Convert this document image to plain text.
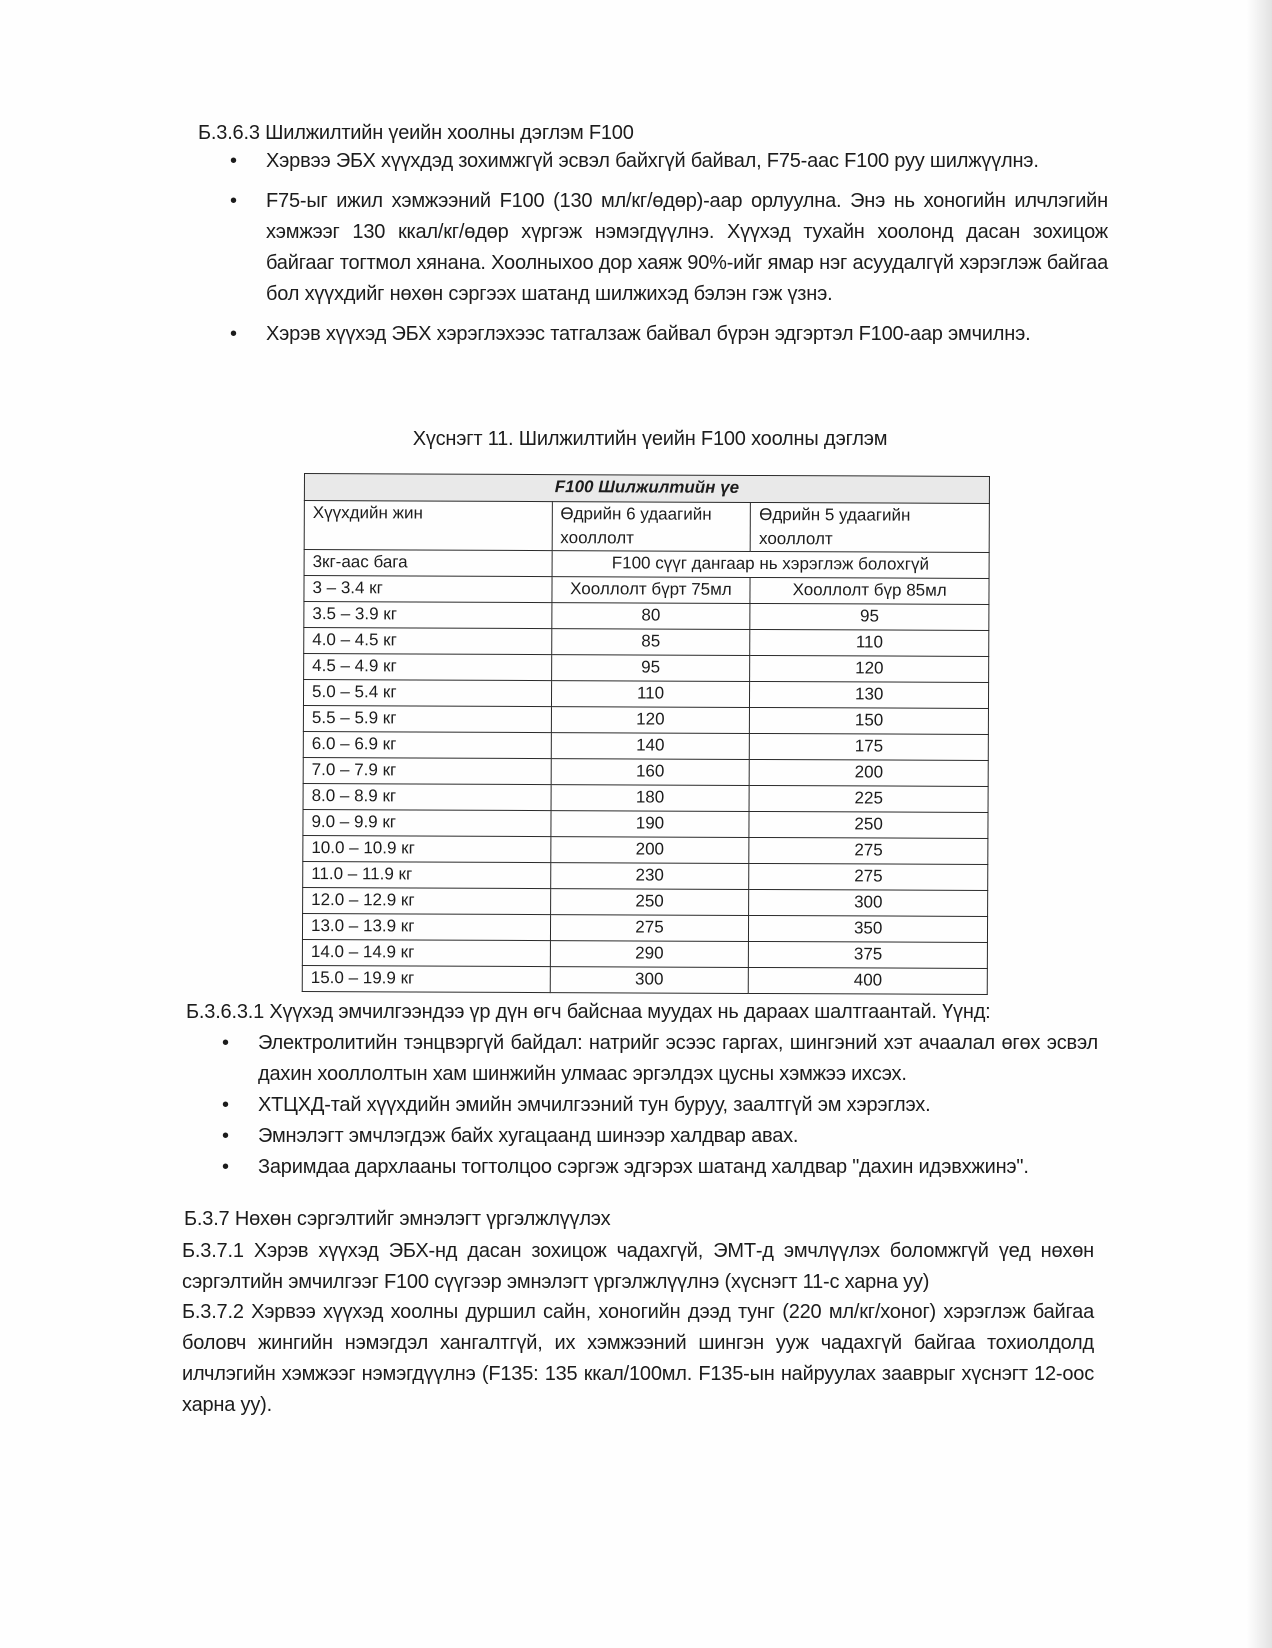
Б.3.6.3 Шилжилтийн үеийн хоолны дэглэм F100
• Хэрвээ ЭБХ хүүхдэд зохимжгүй эсвэл байхгүй байвал, F75-аас F100 руу шилжүүлнэ.
• F75-ыг ижил хэмжээний F100 (130 мл/кг/өдөр)-аар орлуулна. Энэ нь хоногийн илчлэгийн хэмжээг 130 ккал/кг/өдөр хүргэж нэмэгдүүлнэ. Хүүхэд тухайн хоолонд дасан зохицож байгааг тогтмол хянана. Хоолныхоо дор хаяж 90%-ийг ямар нэг асуудалгүй хэрэглэж байгаа бол хүүхдийг нөхөн сэргээх шатанд шилжихэд бэлэн гэж үзнэ.
• Хэрэв хүүхэд ЭБХ хэрэглэхээс татгалзаж байвал бүрэн эдгэртэл F100-аар эмчилнэ.
Хүснэгт 11. Шилжилтийн үеийн F100 хоолны дэглэм
F100 Шилжилтийн үе		
Хүүхдийн жин	Өдрийн 6 удаагийн хооллолт	Өдрийн 5 удаагийн хооллолт
3кг-аас бага	F100 сүүг дангаар нь хэрэглэж болохгүй	
3 – 3.4 кг	Хооллолт бүрт 75мл	Хооллолт бүр 85мл
3.5 – 3.9 кг	80	95
4.0 – 4.5 кг	85	110
4.5 – 4.9 кг	95	120
5.0 – 5.4 кг	110	130
5.5 – 5.9 кг	120	150
6.0 – 6.9 кг	140	175
7.0 – 7.9 кг	160	200
8.0 – 8.9 кг	180	225
9.0 – 9.9 кг	190	250
10.0 – 10.9 кг	200	275
11.0 – 11.9 кг	230	275
12.0 – 12.9 кг	250	300
13.0 – 13.9 кг	275	350
14.0 – 14.9 кг	290	375
15.0 – 19.9 кг	300	400
Б.3.6.3.1 Хүүхэд эмчилгээндээ үр дүн өгч байснаа муудах нь дараах шалтгаантай. Үүнд:
• Электролитийн тэнцвэргүй байдал: натрийг эсээс гаргах, шингэний хэт ачаалал өгөх эсвэл дахин хооллолтын хам шинжийн улмаас эргэлдэх цусны хэмжээ ихсэх.
• ХТЦХД-тай хүүхдийн эмийн эмчилгээний тун буруу, заалтгүй эм хэрэглэх.
• Эмнэлэгт эмчлэгдэж байх хугацаанд шинээр халдвар авах.
• Заримдаа дархлааны тогтолцоо сэргэж эдгэрэх шатанд халдвар "дахин идэвхжинэ".
Б.3.7 Нөхөн сэргэлтийг эмнэлэгт үргэлжлүүлэх
Б.3.7.1 Хэрэв хүүхэд ЭБХ-нд дасан зохицож чадахгүй, ЭМТ-д эмчлүүлэх боломжгүй үед нөхөн сэргэлтийн эмчилгээг F100 сүүгээр эмнэлэгт үргэлжлүүлнэ (хүснэгт 11-с харна уу)
Б.3.7.2 Хэрвээ хүүхэд хоолны дуршил сайн, хоногийн дээд тунг (220 мл/кг/хоног) хэрэглэж байгаа боловч жингийн нэмэгдэл хангалтгүй, их хэмжээний шингэн ууж чадахгүй байгаа тохиолдолд илчлэгийн хэмжээг нэмэгдүүлнэ (F135: 135 ккал/100мл. F135-ын найруулах зааврыг хүснэгт 12-оос харна уу).
